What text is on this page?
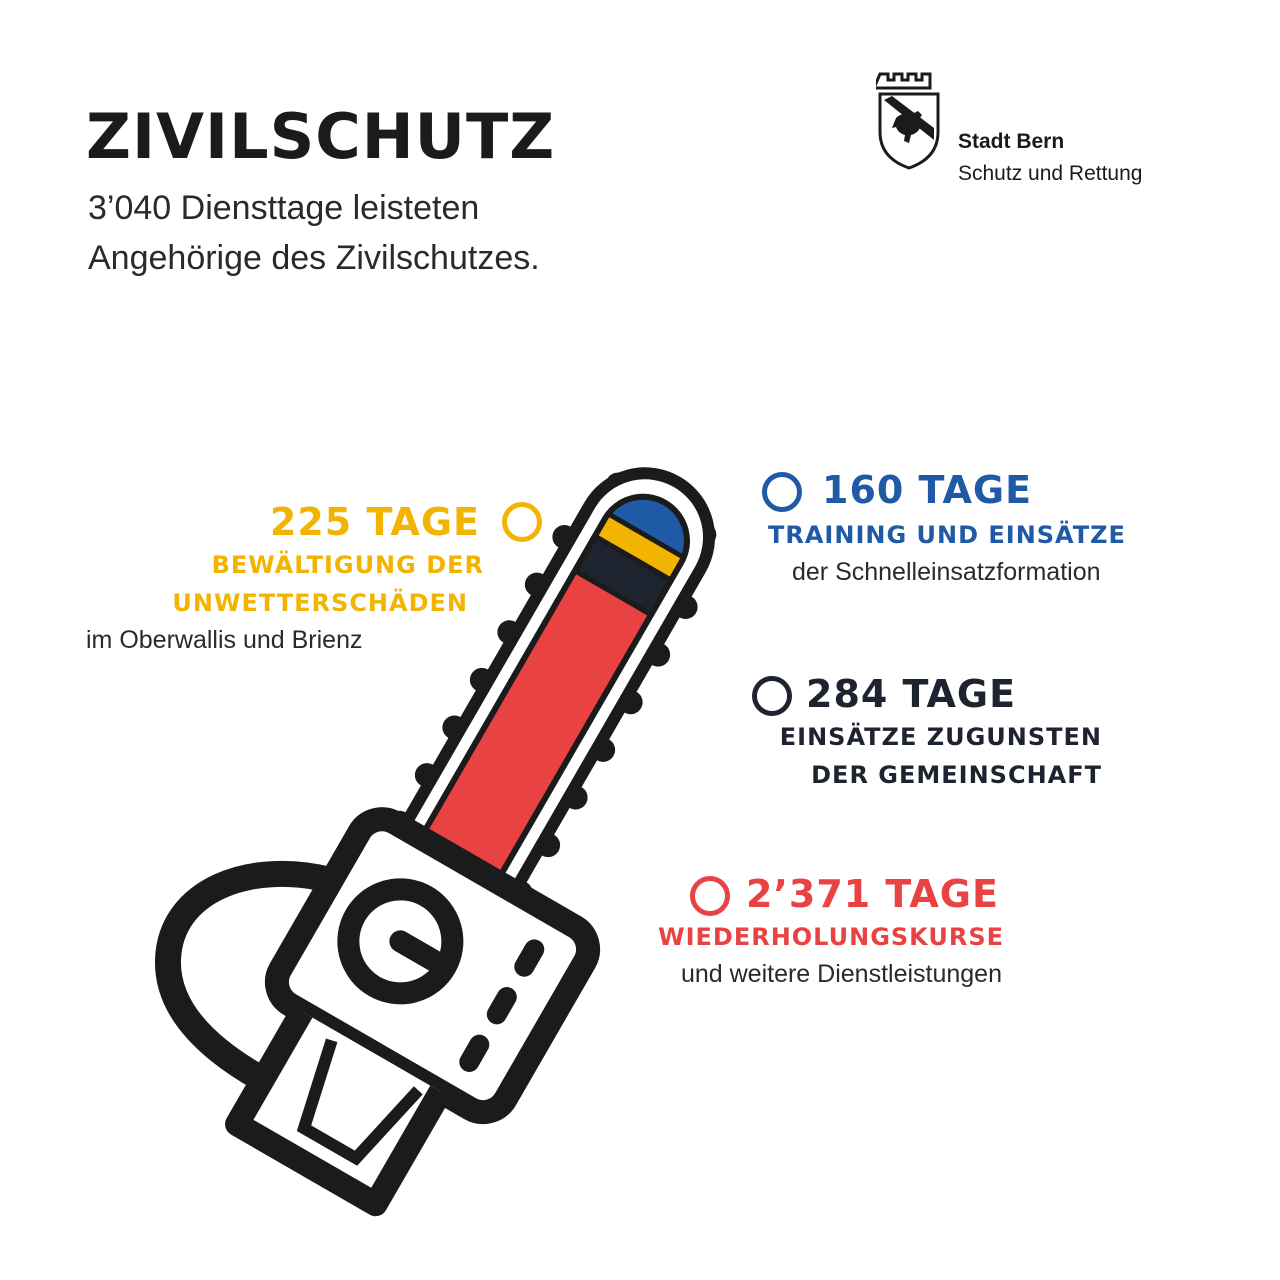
ZIVILSCHUTZ
3’040 Diensttage leisteten
Angehörige des Zivilschutzes.
Stadt Bern
Schutz und Rettung
225 TAGE
BEWÄLTIGUNG DER
UNWETTERSCHÄDEN
im Oberwallis und Brienz
160 TAGE
TRAINING UND EINSÄTZE
der Schnelleinsatzformation
284 TAGE
EINSÄTZE ZUGUNSTEN
DER GEMEINSCHAFT
2’371 TAGE
WIEDERHOLUNGSKURSE
und weitere Dienstleistungen
